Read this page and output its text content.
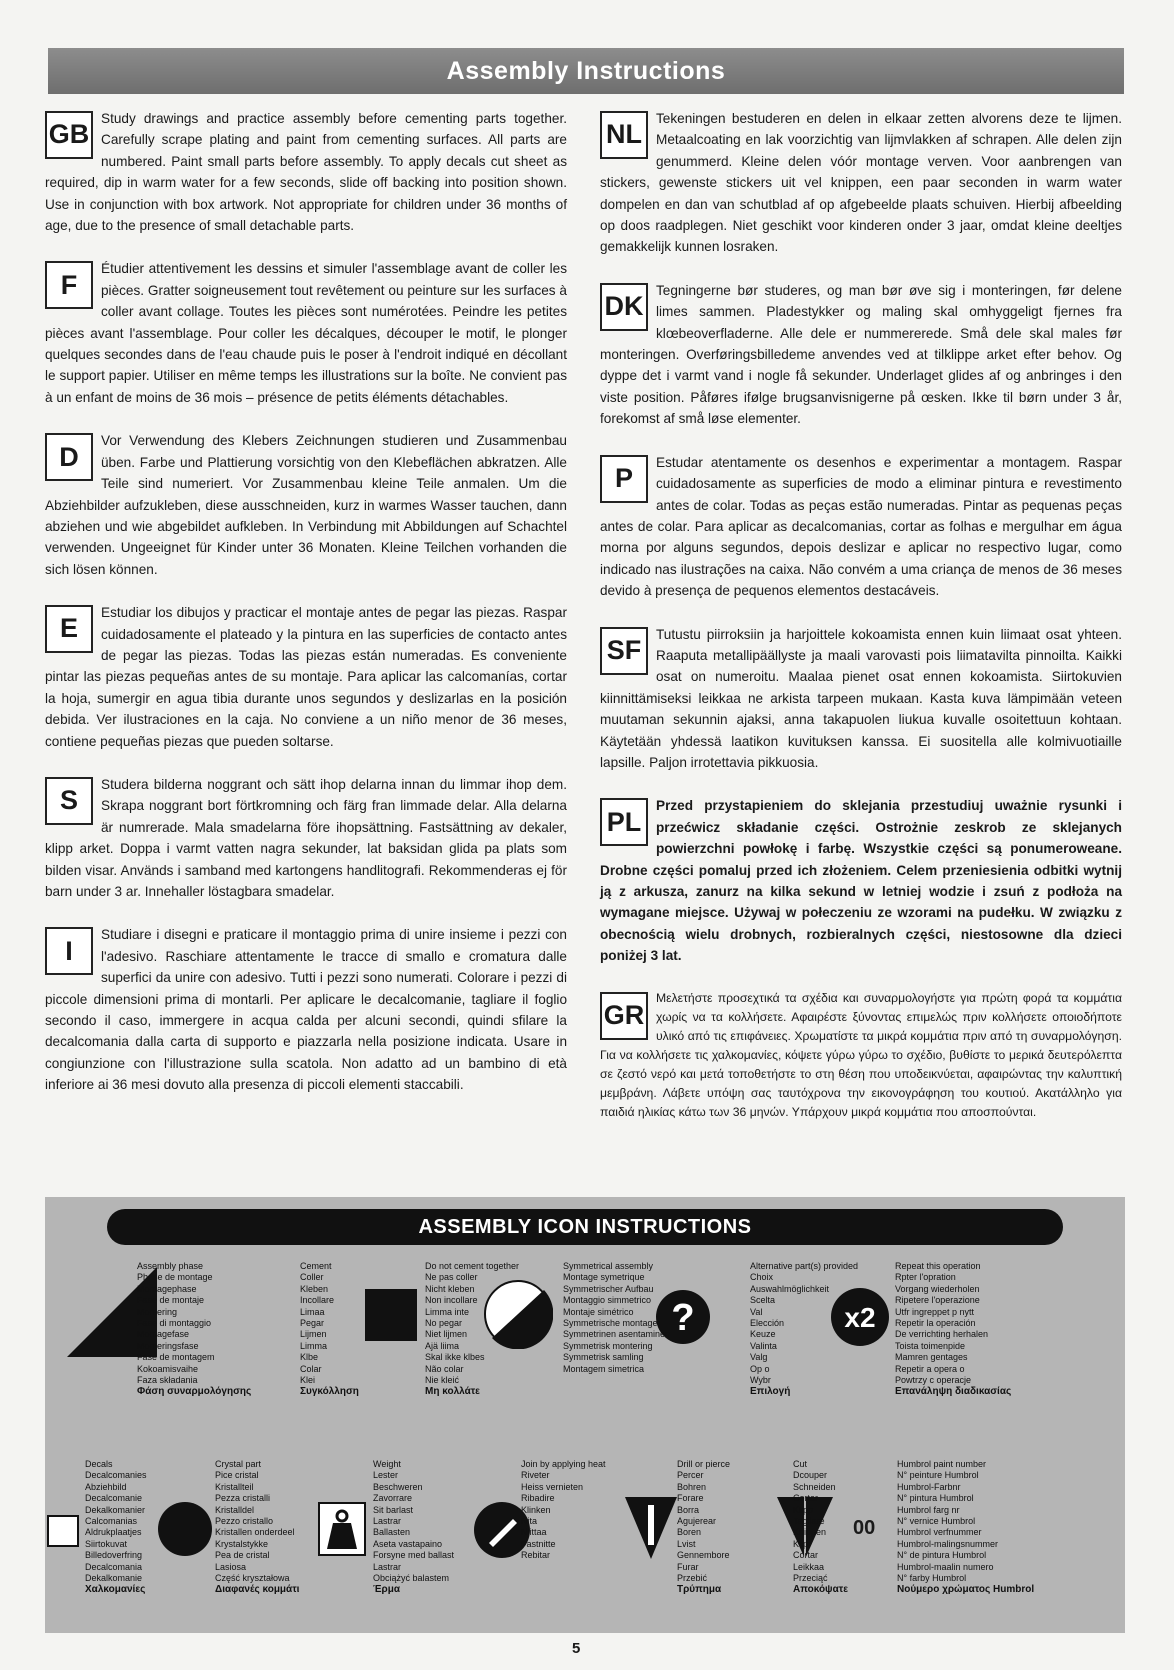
Assembly Instructions
GB

Study drawings and practice assembly before cementing parts together. Carefully scrape plating and paint from cementing surfaces. All parts are numbered. Paint small parts before assembly. To apply decals cut sheet as required, dip in warm water for a few seconds, slide off backing into position shown. Use in conjunction with box artwork. Not appropriate for children under 36 months of age, due to the presence of small detachable parts.

F

Étudier attentivement les dessins et simuler l'assemblage avant de coller les pièces. Gratter soigneusement tout revêtement ou peinture sur les surfaces à coller avant collage. Toutes les pièces sont numérotées. Peindre les petites pièces avant l'assemblage. Pour coller les décalques, découper le motif, le plonger quelques secondes dans de l'eau chaude puis le poser à l'endroit indiqué en décollant le support papier. Utiliser en même temps les illustrations sur la boîte. Ne convient pas à un enfant de moins de 36 mois – présence de petits éléments détachables.

D

Vor Verwendung des Klebers Zeichnungen studieren und Zusammenbau üben. Farbe und Plattierung vorsichtig von den Klebeflächen abkratzen. Alle Teile sind numeriert. Vor Zusammenbau kleine Teile anmalen. Um die Abziehbilder aufzukleben, diese ausschneiden, kurz in warmes Wasser tauchen, dann abziehen und wie abgebildet aufkleben. In Verbindung mit Abbildungen auf Schachtel verwenden. Ungeeignet für Kinder unter 36 Monaten. Kleine Teilchen vorhanden die sich lösen können.

E

Estudiar los dibujos y practicar el montaje antes de pegar las piezas. Raspar cuidadosamente el plateado y la pintura en las superficies de contacto antes de pegar las piezas. Todas las piezas están numeradas. Es conveniente pintar las piezas pequeñas antes de su montaje. Para aplicar las calcomanías, cortar la hoja, sumergir en agua tibia durante unos segundos y deslizarlas en la posición debida. Ver ilustraciones en la caja. No conviene a un niño menor de 36 meses, contiene pequeñas piezas que pueden soltarse.

S

Studera bilderna noggrant och sätt ihop delarna innan du limmar ihop dem. Skrapa noggrant bort förtkromning och färg fran limmade delar. Alla delarna är numrerade. Mala smadelarna före ihopsättning. Fastsättning av dekaler, klipp arket. Doppa i varmt vatten nagra sekunder, lat baksidan glida pa plats som bilden visar. Används i samband med kartongens handlitografi. Rekommenderas ej för barn under 3 ar. Innehaller löstagbara smadelar.

I

Studiare i disegni e praticare il montaggio prima di unire insieme i pezzi con l'adesivo. Raschiare attentamente le tracce di smallo e cromatura dalle superfici da unire con adesivo. Tutti i pezzi sono numerati. Colorare i pezzi di piccole dimensioni prima di montarli. Per aplicare le decalcomanie, tagliare il foglio secondo il caso, immergere in acqua calda per alcuni secondi, quindi sfilare la decalcomania dalla carta di supporto e piazzarla nella posizione indicata. Usare in congiunzione con l'illustrazione sulla scatola. Non adatto ad un bambino di età inferiore ai 36 mesi dovuto alla presenza di piccoli elementi staccabili.

NL

Tekeningen bestuderen en delen in elkaar zetten alvorens deze te lijmen. Metaalcoating en lak voorzichtig van lijmvlakken af schrapen. Alle delen zijn genummerd. Kleine delen vóór montage verven. Voor aanbrengen van stickers, gewenste stickers uit vel knippen, een paar seconden in warm water dompelen en dan van schutblad af op afgebeelde plaats schuiven. Hierbij afbeelding op doos raadplegen. Niet geschikt voor kinderen onder 3 jaar, omdat kleine deeltjes gemakkelijk kunnen losraken.

DK

Tegningerne bør studeres, og man bør øve sig i monteringen, før delene limes sammen. Pladestykker og maling skal omhyggeligt fjernes fra klœbeoverfladerne. Alle dele er nummererede. Små dele skal males før monteringen. Overføringsbilledeme anvendes ved at tilklippe arket efter behov. Og dyppe det i varmt vand i nogle få sekunder. Underlaget glides af og anbringes i den viste position. Påføres ifølge brugsanvisnigerne på œsken. Ikke til børn under 3 år, forekomst af små løse elementer.

P

Estudar atentamente os desenhos e experimentar a montagem. Raspar cuidadosamente as superficies de modo a eliminar pintura e revestimento antes de colar. Todas as peças estão numeradas. Pintar as pequenas peças antes de colar. Para aplicar as decalcomanias, cortar as folhas e mergulhar em água morna por alguns segundos, depois deslizar e aplicar no respectivo lugar, como indicado nas ilustrações na caixa. Não convém a uma criança de menos de 36 meses devido à presença de pequenos elementos destacáveis.

SF

Tutustu piirroksiin ja harjoittele kokoamista ennen kuin liimaat osat yhteen. Raaputa metallipäällyste ja maali varovasti pois liimatavilta pinnoilta. Kaikki osat on numeroitu. Maalaa pienet osat ennen kokoamista. Siirtokuvien kiinnittämiseksi leikkaa ne arkista tarpeen mukaan. Kasta kuva lämpimään veteen muutaman sekunnin ajaksi, anna takapuolen liukua kuvalle osoitettuun kohtaan. Käytetään yhdessä laatikon kuvituksen kanssa. Ei suositella alle kolmivuotiaille lapsille. Paljon irrotettavia pikkuosia.

PL

Przed przystapieniem do sklejania przestudiuj uważnie rysunki i przećwicz składanie części. Ostrożnie zeskrob ze sklejanych powierzchni powłokę i farbę. Wszystkie części są ponumeroweane. Drobne części pomaluj przed ich złożeniem. Celem przeniesienia odbitki wytnij ją z arkusza, zanurz na kilka sekund w letniej wodzie i zsuń z podłoża na wymagane miejsce. Używaj w połeczeniu ze wzorami na pudełku. W związku z obecnością wielu drobnych, rozbieralnych części, niestosowne dla dzieci poniżej 3 lat.

GR

Μελετήστε προσεχτικά τα σχέδια και συναρμολογήστε για πρώτη φορά τα κομμάτια χωρίς να τα κολλήσετε. Αφαιρέστε ξύνοντας επιμελώς πριν κολλήσετε οποιοδήποτε υλικό από τις επιφάνειες. Χρωματίστε τα μικρά κομμάτια πριν από τη συναρμολόγηση. Για να κολλήσετε τις χαλκομανίες, κόψετε γύρω γύρω το σχέδιο, βυθίστε το μερικά δευτερόλεπτα σε ζεστό νερό και μετά τοποθετήστε το στη θέση που υποδεικνύεται, αφαιρώντας την καλυπτική μεμβράνη. Λάβετε υπόψη σας ταυτόχρονα την εικονογράφηση του κουτιού. Ακατάλληλο για παιδιά ηλικίας κάτω των 36 μηνών. Υπάρχουν μικρά κομμάτια που αποσπούνται.

ASSEMBLY ICON INSTRUCTIONS
?	x2
Assembly phase
Phase de montage
Montagephase
Fase de montaje
Montering
Fase di montaggio
Montagefase
Monteringsfase
Fase de montagem
Kokoamisvaihe
Faza składania
Φάση συναρμολόγησης
Cement
Coller
Kleben
Incollare
Limaa
Pegar
Lijmen
Limma
Klbe
Colar
Klei
Συγκόλληση
Do not cement together
Ne pas coller
Nicht kleben
Non incollare
Limma inte
No pegar
Niet lijmen
Ajä liima
Skal ikke klbes
Não colar
Nie kleić
Μη κολλάτε
Symmetrical assembly
Montage symetrique
Symmetrischer Aufbau
Montaggio simmetrico
Montaje simétrico
Symmetrische montage
Symmetrinen asentaminen
Symmetrisk montering
Symmetrisk samling
Montagem simetrica
Alternative part(s) provided
Choix
Auswahlmöglichkeit
Scelta
Val
Elección
Keuze
Valinta
Valg
Op o
Wybr
Επιλογή
Repeat this operation
Rpter l'opration
Vorgang wiederholen
Ripetere l'operazione
Utfr ingreppet p nytt
Repetir la operación
De verrichting herhalen
Toista toimenpide
Mamren gentages
Repetir a opera o
Powtrzy c operacje
Επανάληψη διαδικασίας
00
Decals
Decalcomanies
Abziehbild
Decalcomanie
Dekalkomanier
Calcomanias
Aldrukplaatjes
Siirtokuvat
Billedoverfring
Decalcomania
Dekalkomanie
Χαλκομανίες
Crystal part
Pice cristal
Kristallteil
Pezza cristalli
Kristalldel
Pezzo cristallo
Kristallen onderdeel
Krystalstykke
Pea de cristal
Lasiosa
Część kryształowa
Διαφανές κομμάτι
Weight
Lester
Beschweren
Zavorrare
Sit barlast
Lastrar
Ballasten
Aseta vastapaino
Forsyne med ballast
Lastrar
Obciążyć balastem
Έρμα
Join by applying heat
Riveter
Heiss vernieten
Ribadire
Klinken
Nita
Niittaa
Fastnitte
Rebitar
Drill or pierce
Percer
Bohren
Forare
Borra
Agujerear
Boren
Lvist
Gennembore
Furar
Przebić
Τρύπημα
Cut
Dcouper
Schneiden
Cortar
Klipp
Tagliare
Knippen
Klip
Cortar
Leikkaa
Przeciąć
Αποκόψατε
Humbrol paint number
N° peinture Humbrol
Humbrol-Farbnr
N° pintura Humbrol
Humbrol farg nr
N° vernice Humbrol
Humbrol verfnummer
Humbrol-malingsnummer
N° de pintura Humbrol
Humbrol-maalin numero
N° farby Humbrol
Νούμερο χρώματος Humbrol
5
